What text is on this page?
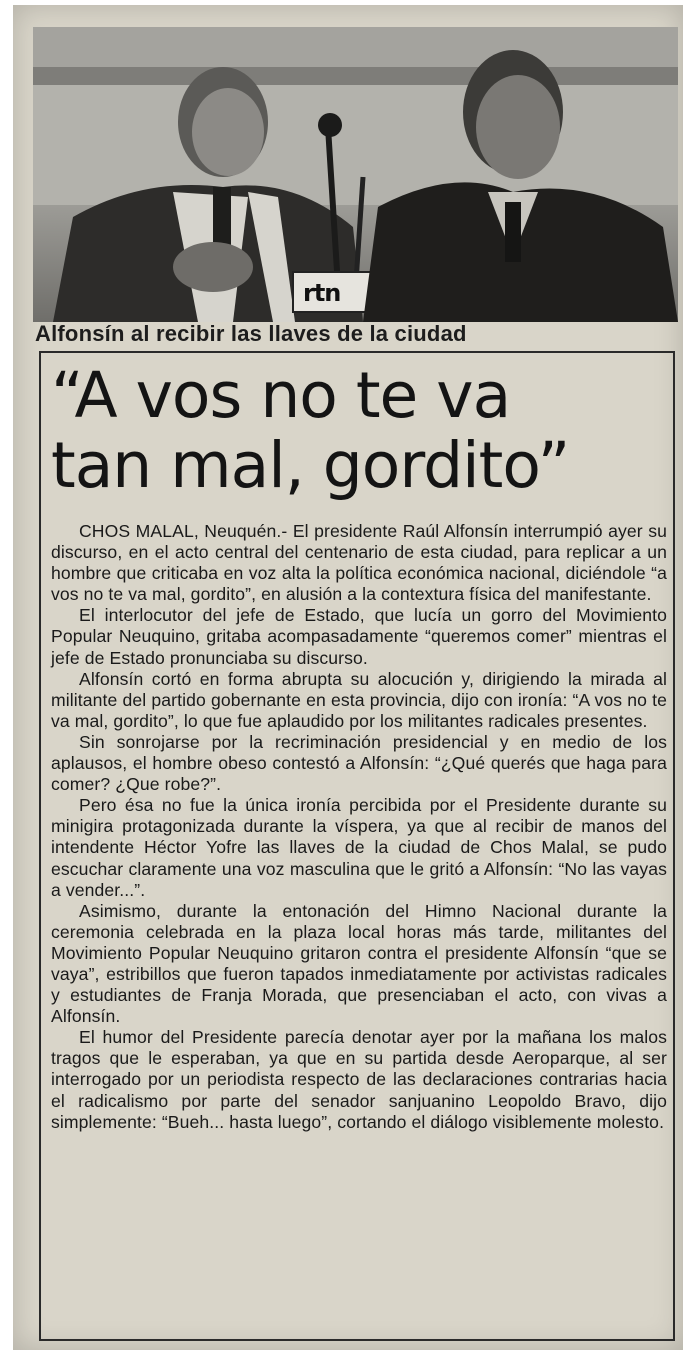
rtn
Alfonsín al recibir las llaves de la ciudad
“A vos no te va
tan mal, gordito”

CHOS MALAL, Neuquén.- El presidente Raúl Alfonsín interrumpió ayer su discurso, en el acto central del centenario de esta ciudad, para replicar a un hombre que criticaba en voz alta la política económica nacional, diciéndole “a vos no te va mal, gordito”, en alusión a la contextura física del manifestante.

El interlocutor del jefe de Estado, que lucía un gorro del Movimiento Popular Neuquino, gritaba acompasadamente “queremos comer” mientras el jefe de Estado pronunciaba su discurso.

Alfonsín cortó en forma abrupta su alocución y, dirigiendo la mirada al militante del partido gobernante en esta provincia, dijo con ironía: “A vos no te va mal, gordito”, lo que fue aplaudido por los militantes radicales presentes.

Sin sonrojarse por la recriminación presidencial y en medio de los aplausos, el hombre obeso contestó a Alfonsín: “¿Qué querés que haga para comer? ¿Que robe?”.

Pero ésa no fue la única ironía percibida por el Presidente durante su minigira protagonizada durante la víspera, ya que al recibir de manos del intendente Héctor Yofre las llaves de la ciudad de Chos Malal, se pudo escuchar claramente una voz masculina que le gritó a Alfonsín: “No las vayas a vender...”.

Asimismo, durante la entonación del Himno Nacional durante la ceremonia celebrada en la plaza local horas más tarde, militantes del Movimiento Popular Neuquino gritaron contra el presidente Alfonsín “que se vaya”, estribillos que fueron tapados inmediatamente por activistas radicales y estudiantes de Franja Morada, que presenciaban el acto, con vivas a Alfonsín.

El humor del Presidente parecía denotar ayer por la mañana los malos tragos que le esperaban, ya que en su partida desde Aeroparque, al ser interrogado por un periodista respecto de las declaraciones contrarias hacia el radicalismo por parte del senador sanjuanino Leopoldo Bravo, dijo simplemente: “Bueh... hasta luego”, cortando el diálogo visiblemente molesto.
